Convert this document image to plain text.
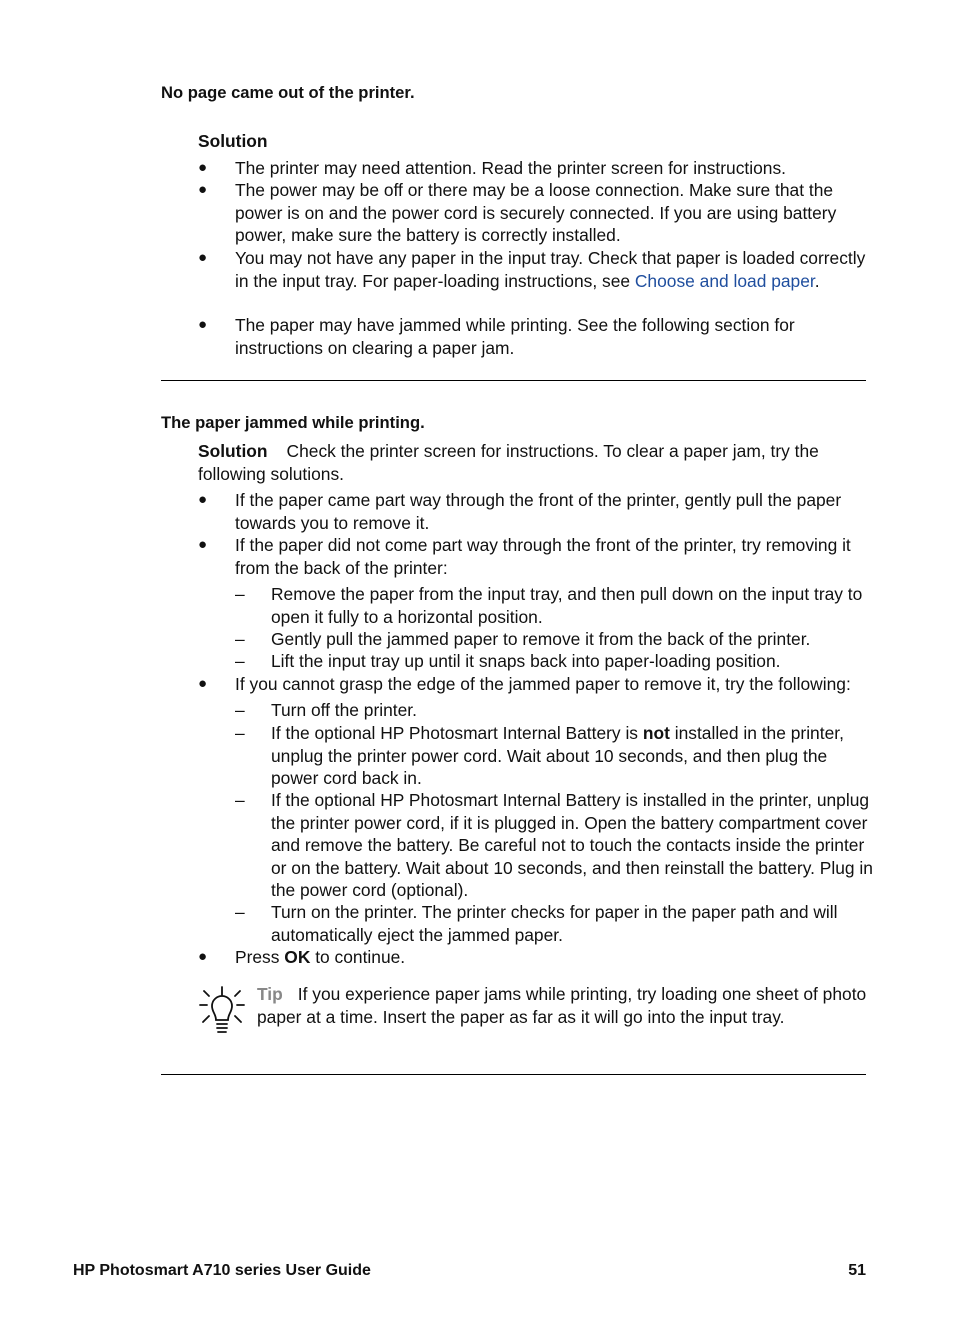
No page came out of the printer.
Solution
● The printer may need attention. Read the printer screen for instructions.
● The power may be off or there may be a loose connection. Make sure that the power is on and the power cord is securely connected. If you are using battery power, make sure the battery is correctly installed.
● You may not have any paper in the input tray. Check that paper is loaded correctly in the input tray. For paper-loading instructions, see Choose and load paper.
● The paper may have jammed while printing. See the following section for instructions on clearing a paper jam.
The paper jammed while printing.
Solution Check the printer screen for instructions. To clear a paper jam, try the following solutions.
● If the paper came part way through the front of the printer, gently pull the paper towards you to remove it.
● If the paper did not come part way through the front of the printer, try removing it from the back of the printer:
– Remove the paper from the input tray, and then pull down on the input tray to open it fully to a horizontal position.
– Gently pull the jammed paper to remove it from the back of the printer.
– Lift the input tray up until it snaps back into paper-loading position.
● If you cannot grasp the edge of the jammed paper to remove it, try the following:
– Turn off the printer.
– If the optional HP Photosmart Internal Battery is not installed in the printer, unplug the printer power cord. Wait about 10 seconds, and then plug the power cord back in.
– If the optional HP Photosmart Internal Battery is installed in the printer, unplug the printer power cord, if it is plugged in. Open the battery compartment cover and remove the battery. Be careful not to touch the contacts inside the printer or on the battery. Wait about 10 seconds, and then reinstall the battery. Plug in the power cord (optional).
– Turn on the printer. The printer checks for paper in the paper path and will automatically eject the jammed paper.
● Press OK to continue.
Tip If you experience paper jams while printing, try loading one sheet of photo paper at a time. Insert the paper as far as it will go into the input tray.
HP Photosmart A710 series User Guide	51
